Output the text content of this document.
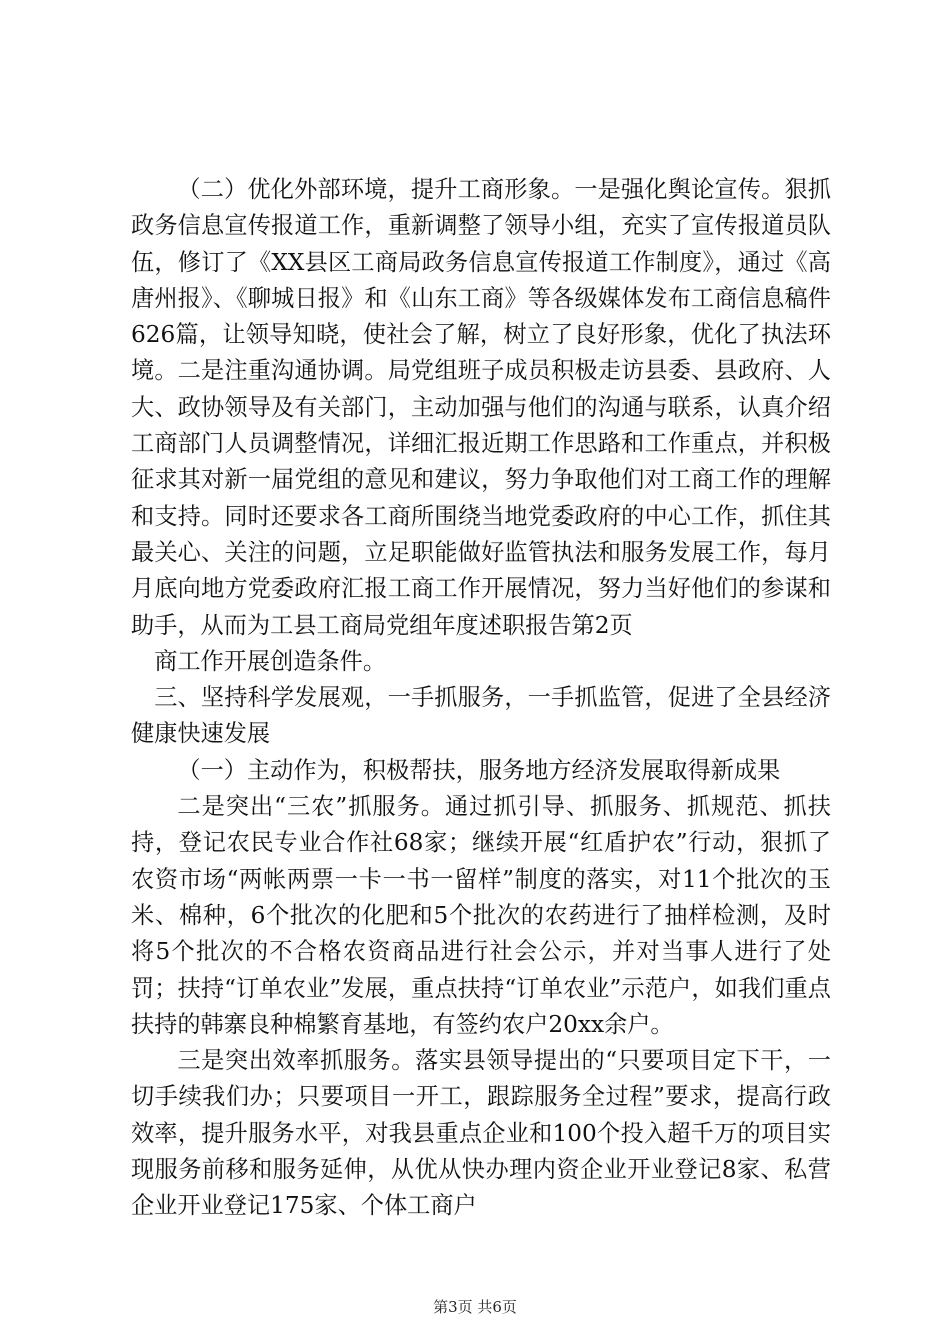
（二）优化外部环境，提升工商形象。一是强化舆论宣传。狠抓政务信息宣传报道工作，重新调整了领导小组，充实了宣传报道员队伍，修订了《XX县区工商局政务信息宣传报道工作制度》，通过《高唐州报》、《聊城日报》和《山东工商》等各级媒体发布工商信息稿件626篇，让领导知晓，使社会了解，树立了良好形象，优化了执法环境。二是注重沟通协调。局党组班子成员积极走访县委、县政府、人大、政协领导及有关部门，主动加强与他们的沟通与联系，认真介绍工商部门人员调整情况，详细汇报近期工作思路和工作重点，并积极征求其对新一届党组的意见和建议，努力争取他们对工商工作的理解和支持。同时还要求各工商所围绕当地党委政府的中心工作，抓住其最关心、关注的问题，立足职能做好监管执法和服务发展工作，每月月底向地方党委政府汇报工商工作开展情况，努力当好他们的参谋和助手，从而为工县工商局党组年度述职报告第2页

商工作开展创造条件。

三、坚持科学发展观，一手抓服务，一手抓监管，促进了全县经济健康快速发展

（一）主动作为，积极帮扶，服务地方经济发展取得新成果

二是突出“三农”抓服务。通过抓引导、抓服务、抓规范、抓扶持，登记农民专业合作社68家；继续开展“红盾护农”行动，狠抓了农资市场“两帐两票一卡一书一留样”制度的落实，对11个批次的玉米、棉种，6个批次的化肥和5个批次的农药进行了抽样检测，及时将5个批次的不合格农资商品进行社会公示，并对当事人进行了处罚；扶持“订单农业”发展，重点扶持“订单农业”示范户，如我们重点扶持的韩寨良种棉繁育基地，有签约农户20xx余户。

三是突出效率抓服务。落实县领导提出的“只要项目定下干，一切手续我们办；只要项目一开工，跟踪服务全过程”要求，提高行政效率，提升服务水平，对我县重点企业和100个投入超千万的项目实现服务前移和服务延伸，从优从快办理内资企业开业登记8家、私营企业开业登记175家、个体工商户

第3页 共6页
